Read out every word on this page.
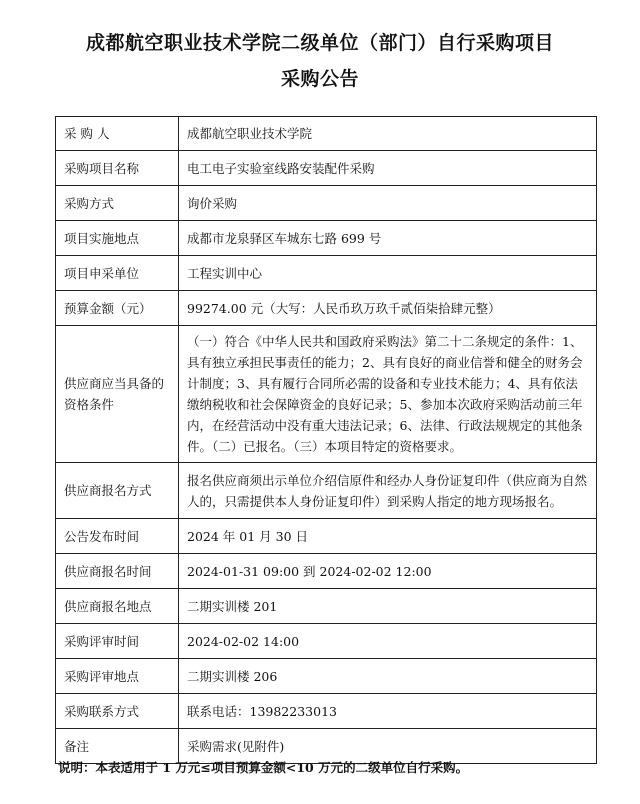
成都航空职业技术学院二级单位（部门）自行采购项目
采购公告
采 购 人	成都航空职业技术学院
采购项目名称	电工电子实验室线路安装配件采购
采购方式	询价采购
项目实施地点	成都市龙泉驿区车城东七路 699 号
项目申采单位	工程实训中心
预算金额（元）	99274.00 元（大写：人民币玖万玖千贰佰柒拾肆元整）
供应商应当具备的资格条件	（一）符合《中华人民共和国政府采购法》第二十二条规定的条件：1、具有独立承担民事责任的能力；2、具有良好的商业信誉和健全的财务会计制度；3、具有履行合同所必需的设备和专业技术能力；4、具有依法缴纳税收和社会保障资金的良好记录；5、参加本次政府采购活动前三年内，在经营活动中没有重大违法记录；6、法律、行政法规规定的其他条件。（二）已报名。（三）本项目特定的资格要求。
供应商报名方式	报名供应商须出示单位介绍信原件和经办人身份证复印件（供应商为自然人的，只需提供本人身份证复印件）到采购人指定的地方现场报名。
公告发布时间	2024 年 01 月 30 日
供应商报名时间	2024-01-31 09:00 到 2024-02-02 12:00
供应商报名地点	二期实训楼 201
采购评审时间	2024-02-02 14:00
采购评审地点	二期实训楼 206
采购联系方式	联系电话：13982233013
备注	采购需求(见附件)
说明：本表适用于 1 万元≤项目预算金额<10 万元的二级单位自行采购。
